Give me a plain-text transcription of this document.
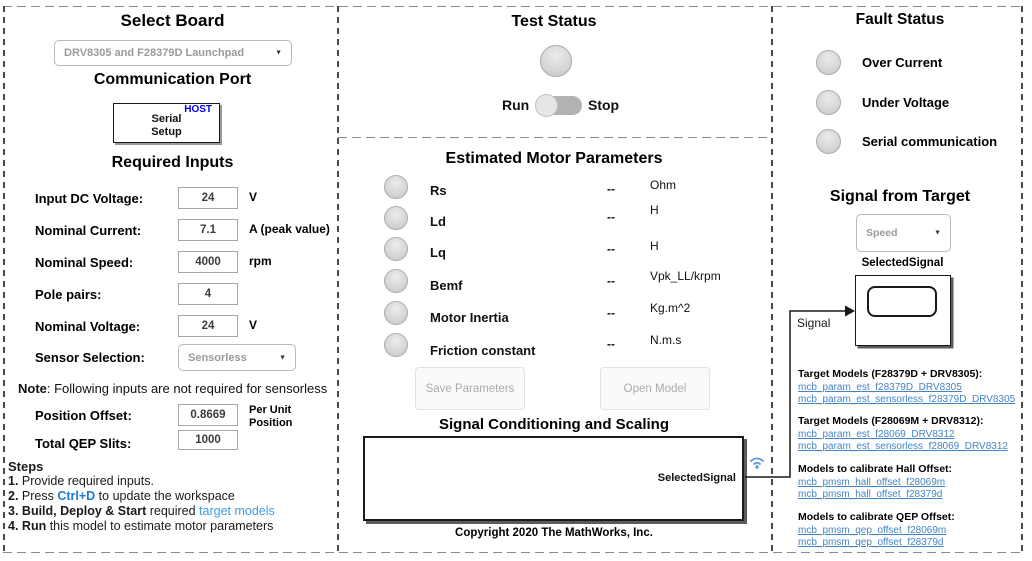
Select Board
DRV8305 and F28379D Launchpad	▼
Communication Port
HOST
Serial
Setup
Required Inputs
Input DC Voltage:	24	V
Nominal Current:	7.1	A (peak value)
Nominal Speed:	4000	rpm
Pole pairs:	4
Nominal Voltage:	24	V
Sensor Selection:	Sensorless	▼
Note: Following inputs are not required for sensorless
Position Offset:	0.8669	Per Unit
Position
Total QEP Slits:	1000
Steps
1. Provide required inputs.
2. Press Ctrl+D to update the workspace
3. Build, Deploy & Start required target models
4. Run this model to estimate motor parameters
Test Status
Run	Stop
Estimated Motor Parameters
Rs	--	Ohm
Ld	--	H
Lq	--	H
Bemf	--	Vpk_LL/krpm
Motor Inertia	--	Kg.m^2
Friction constant	--	N.m.s
Save Parameters	Open Model
Signal Conditioning and Scaling
SelectedSignal
Copyright 2020 The MathWorks, Inc.
Fault Status
Over Current
Under Voltage
Serial communication
Signal from Target
Speed	▼
SelectedSignal
Signal
Target Models (F28379D + DRV8305):
mcb_param_est_f28379D_DRV8305
mcb_param_est_sensorless_f28379D_DRV8305
Target Models (F28069M + DRV8312):
mcb_param_est_f28069_DRV8312
mcb_param_est_sensorless_f28069_DRV8312
Models to calibrate Hall Offset:
mcb_pmsm_hall_offset_f28069m
mcb_pmsm_hall_offset_f28379d
Models to calibrate QEP Offset:
mcb_pmsm_qep_offset_f28069m
mcb_pmsm_qep_offset_f28379d
